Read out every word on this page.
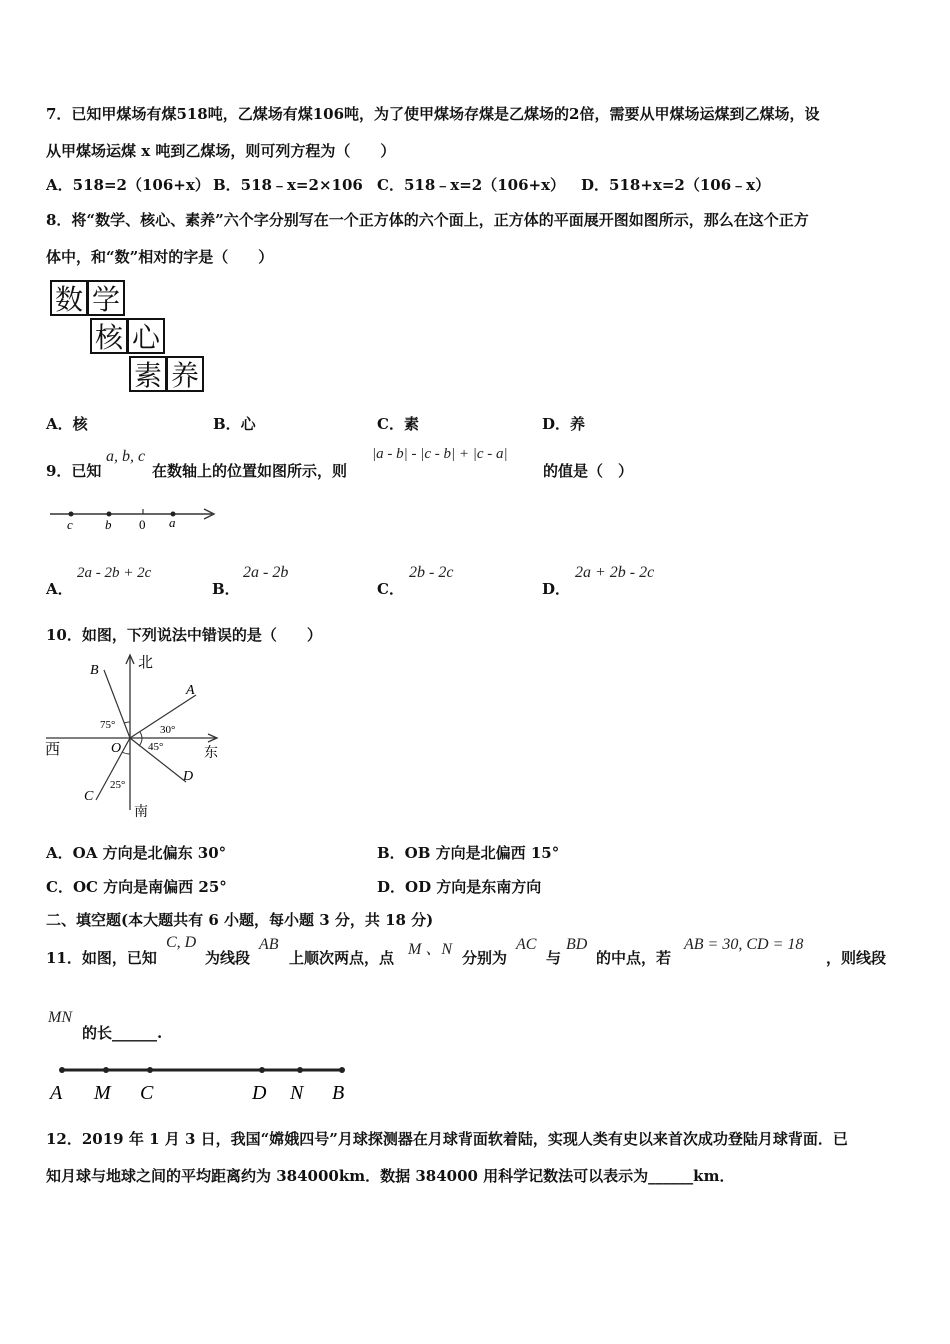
7．已知甲煤场有煤518吨，乙煤场有煤106吨，为了使甲煤场存煤是乙煤场的2倍，需要从甲煤场运煤到乙煤场，设
从甲煤场运煤 x 吨到乙煤场，则可列方程为（　　）
A．518=2（106+x） B．518﹣x=2×106 C．518﹣x=2（106+x） D．518+x=2（106﹣x）
8．将“数学、核心、素养”六个字分别写在一个正方体的六个面上，正方体的平面展开图如图所示，那么在这个正方
体中，和“数”相对的字是（　　）
数 学
核 心
素 养
A．核	B．心	C．素	D．养
9．已知
a, b, c
在数轴上的位置如图所示，则
|a - b| - |c - b| + |c - a|
的值是（　）
c b 0 a
A．
2a - 2b + 2c
B．
2a - 2b
C．
2b - 2c
D．
2a + 2b - 2c
10．如图，下列说法中错误的是（　　）
北
南
西	东
B
A
C
D
O
75°	30°
45°
25°
A．OA 方向是北偏东 30°	B．OB 方向是北偏西 15°
C．OC 方向是南偏西 25°	D．OD 方向是东南方向
二、填空题(本大题共有 6 小题，每小题 3 分，共 18 分)
11．如图，已知
C, D
为线段
AB
上顺次两点，点 M 、N 分别为
AC
与
BD
的中点，若
AB = 30, CD = 18
，则线段
MN
的长______.
A M C	D N B
12．2019 年 1 月 3 日，我国“嫦娥四号”月球探测器在月球背面软着陆，实现人类有史以来首次成功登陆月球背面．已
知月球与地球之间的平均距离约为 384000km．数据 384000 用科学记数法可以表示为______km．
